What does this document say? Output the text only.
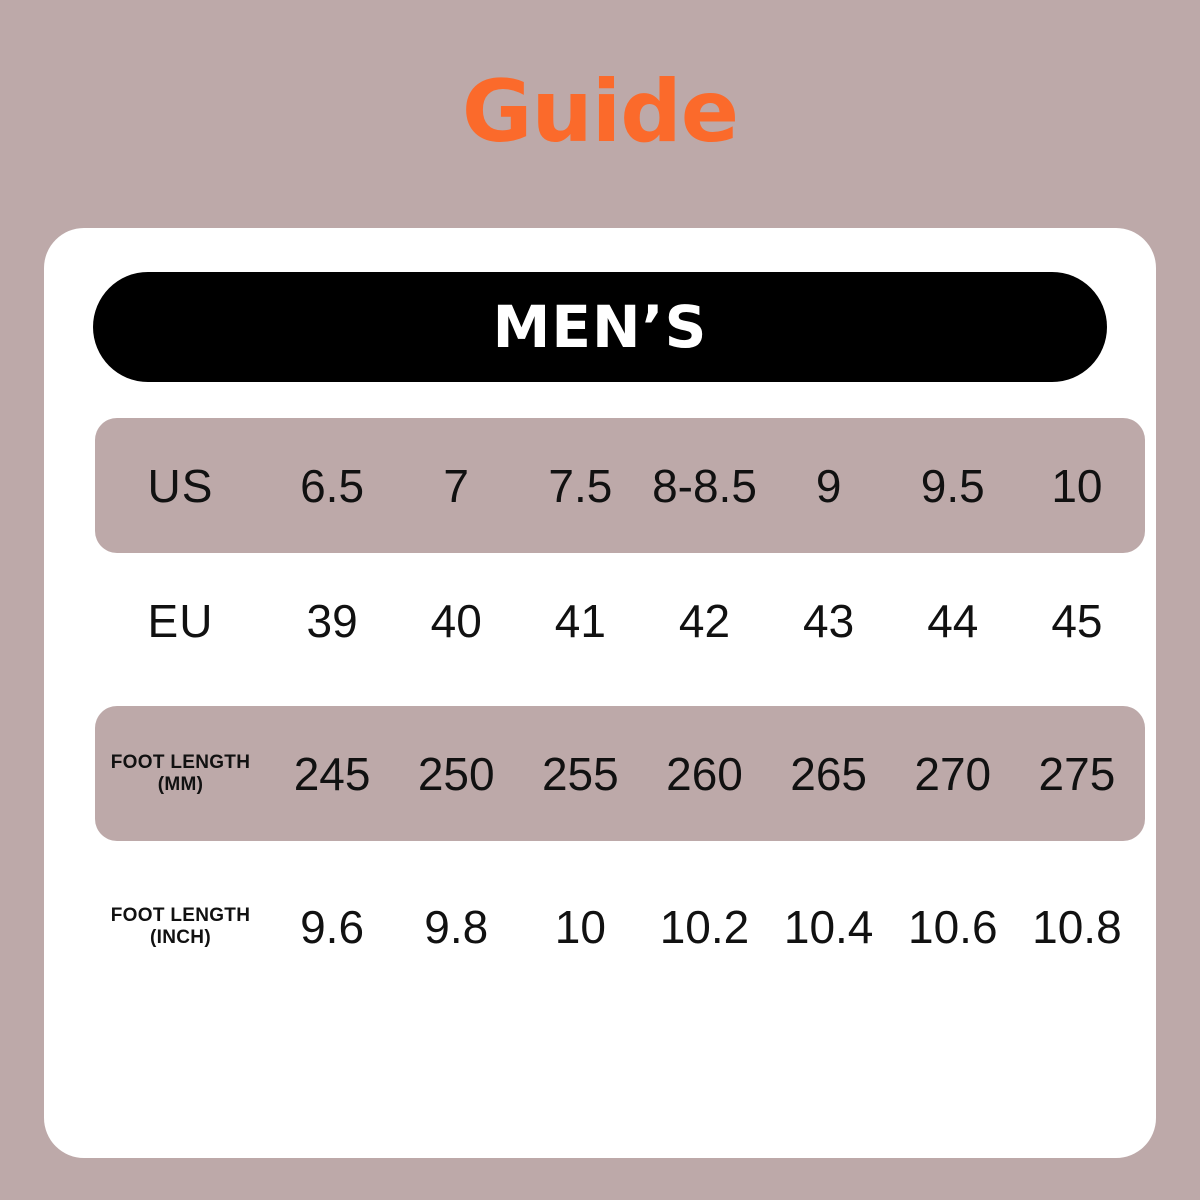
Guide
MEN’S
US	6.5	7	7.5 8-8.5	9	9.5	10
EU	39	40	41	42	43	44	45
FOOT LENGTH
(MM)	245	250	255	260	265	270	275
FOOT LENGTH
(INCH)	9.6	9.8	10	10.2 10.4 10.6 10.8
